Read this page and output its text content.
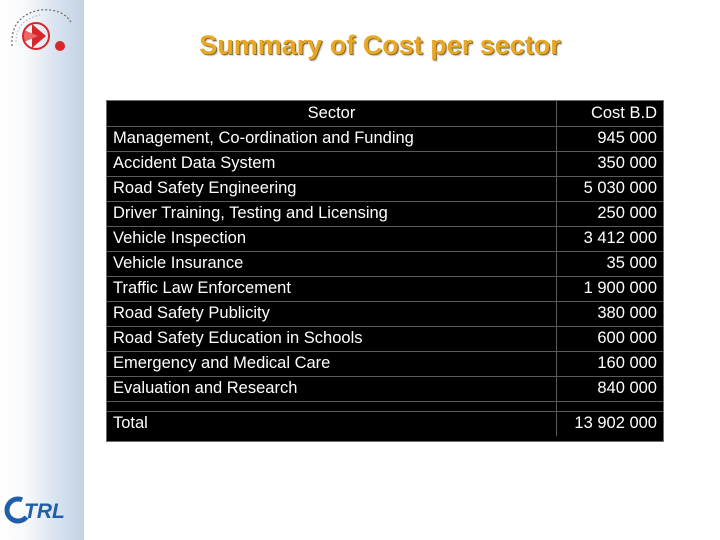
TRL
Summary of Cost per sector
Sector	Cost B.D
Management, Co-ordination and Funding	945 000
Accident Data System	350 000
Road Safety Engineering	5 030 000
Driver Training, Testing and Licensing	250 000
Vehicle Inspection	3 412 000
Vehicle Insurance	35 000
Traffic Law Enforcement	1 900 000
Road Safety Publicity	380 000
Road Safety Education in Schools	600 000
Emergency and Medical Care	160 000
Evaluation and Research	840 000
Total	13 902 000
